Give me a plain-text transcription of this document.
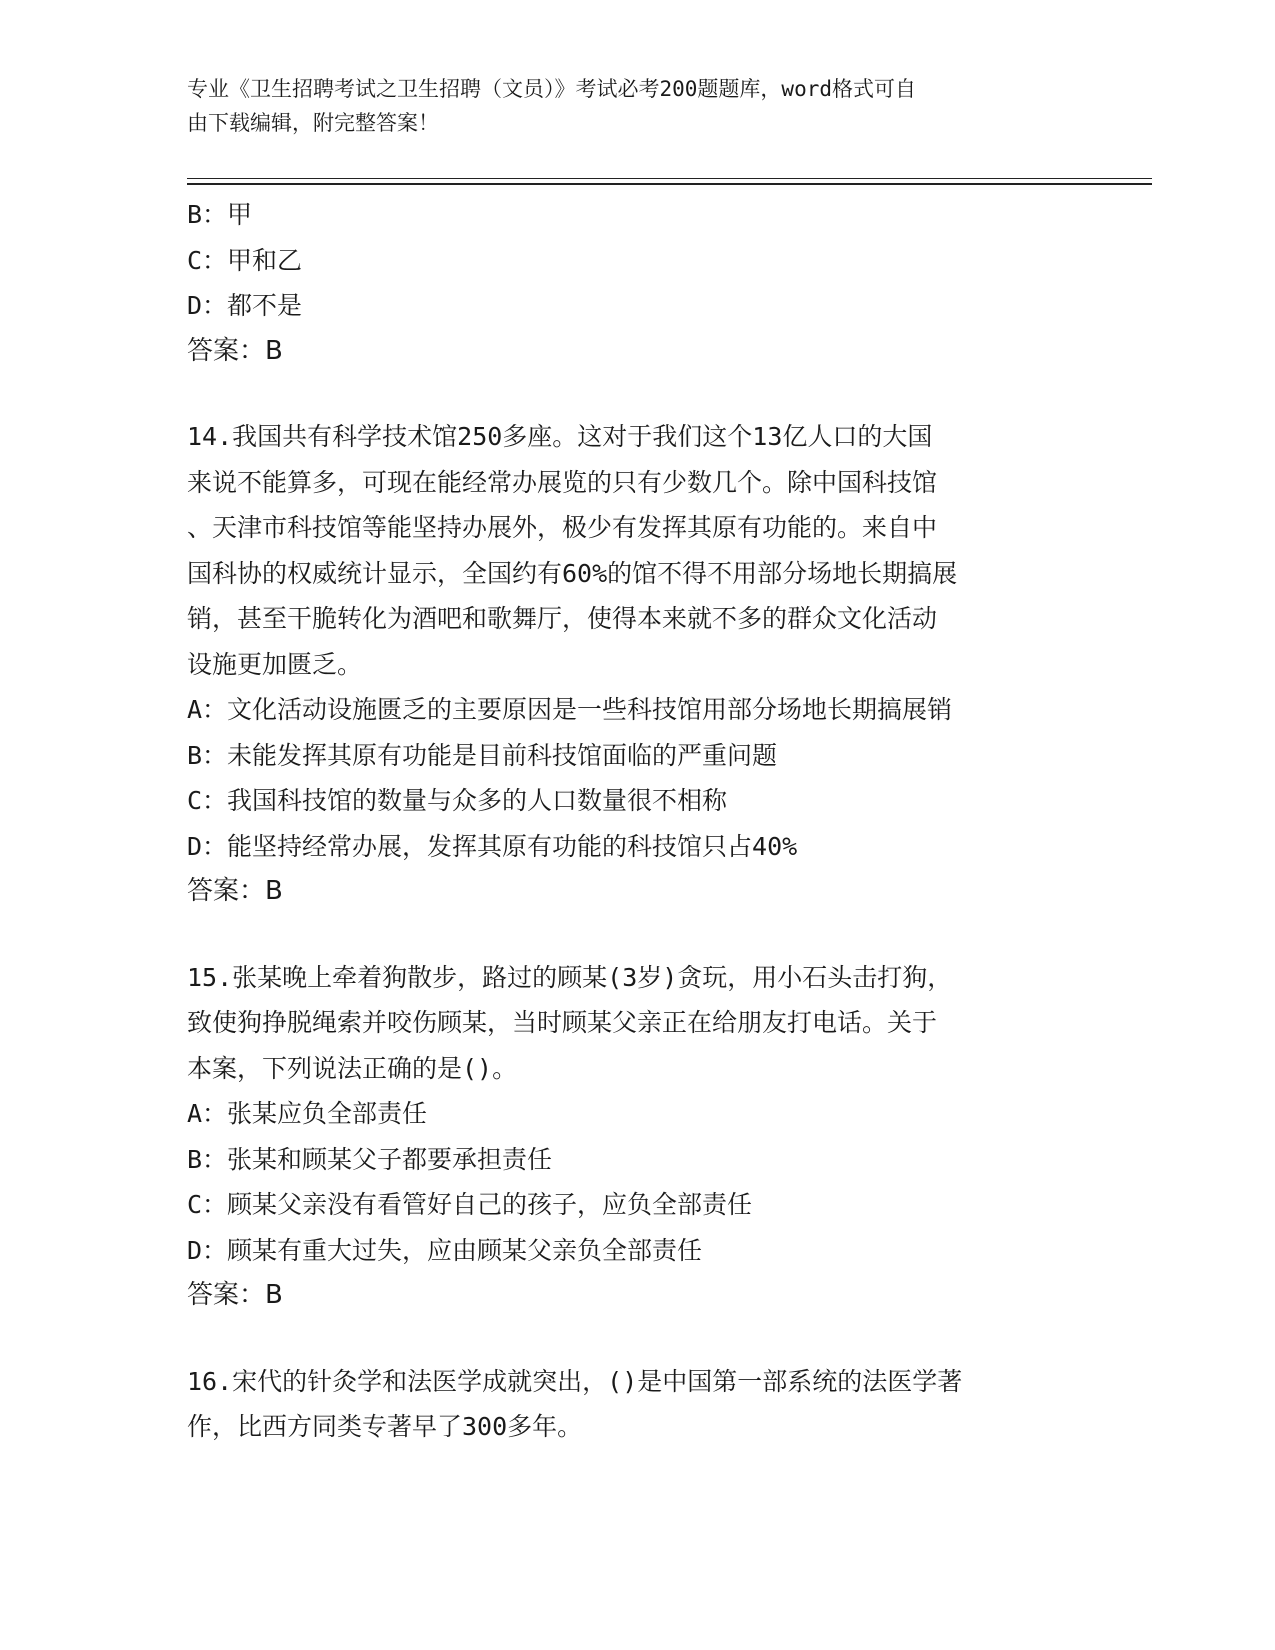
专业《卫生招聘考试之卫生招聘（文员）》考试必考200题题库，word格式可自
由下载编辑，附完整答案！
B：甲
C：甲和乙
D：都不是
答案：B
14.我国共有科学技术馆250多座。这对于我们这个13亿人口的大国
来说不能算多，可现在能经常办展览的只有少数几个。除中国科技馆
、天津市科技馆等能坚持办展外，极少有发挥其原有功能的。来自中
国科协的权威统计显示，全国约有60%的馆不得不用部分场地长期搞展
销，甚至干脆转化为酒吧和歌舞厅，使得本来就不多的群众文化活动
设施更加匮乏。
A：文化活动设施匮乏的主要原因是一些科技馆用部分场地长期搞展销
B：未能发挥其原有功能是目前科技馆面临的严重问题
C：我国科技馆的数量与众多的人口数量很不相称
D：能坚持经常办展，发挥其原有功能的科技馆只占40%
答案：B
15.张某晚上牵着狗散步，路过的顾某(3岁)贪玩，用小石头击打狗，
致使狗挣脱绳索并咬伤顾某，当时顾某父亲正在给朋友打电话。关于
本案，下列说法正确的是()。
A：张某应负全部责任
B：张某和顾某父子都要承担责任
C：顾某父亲没有看管好自己的孩子，应负全部责任
D：顾某有重大过失，应由顾某父亲负全部责任
答案：B
16.宋代的针灸学和法医学成就突出，()是中国第一部系统的法医学著
作，比西方同类专著早了300多年。
